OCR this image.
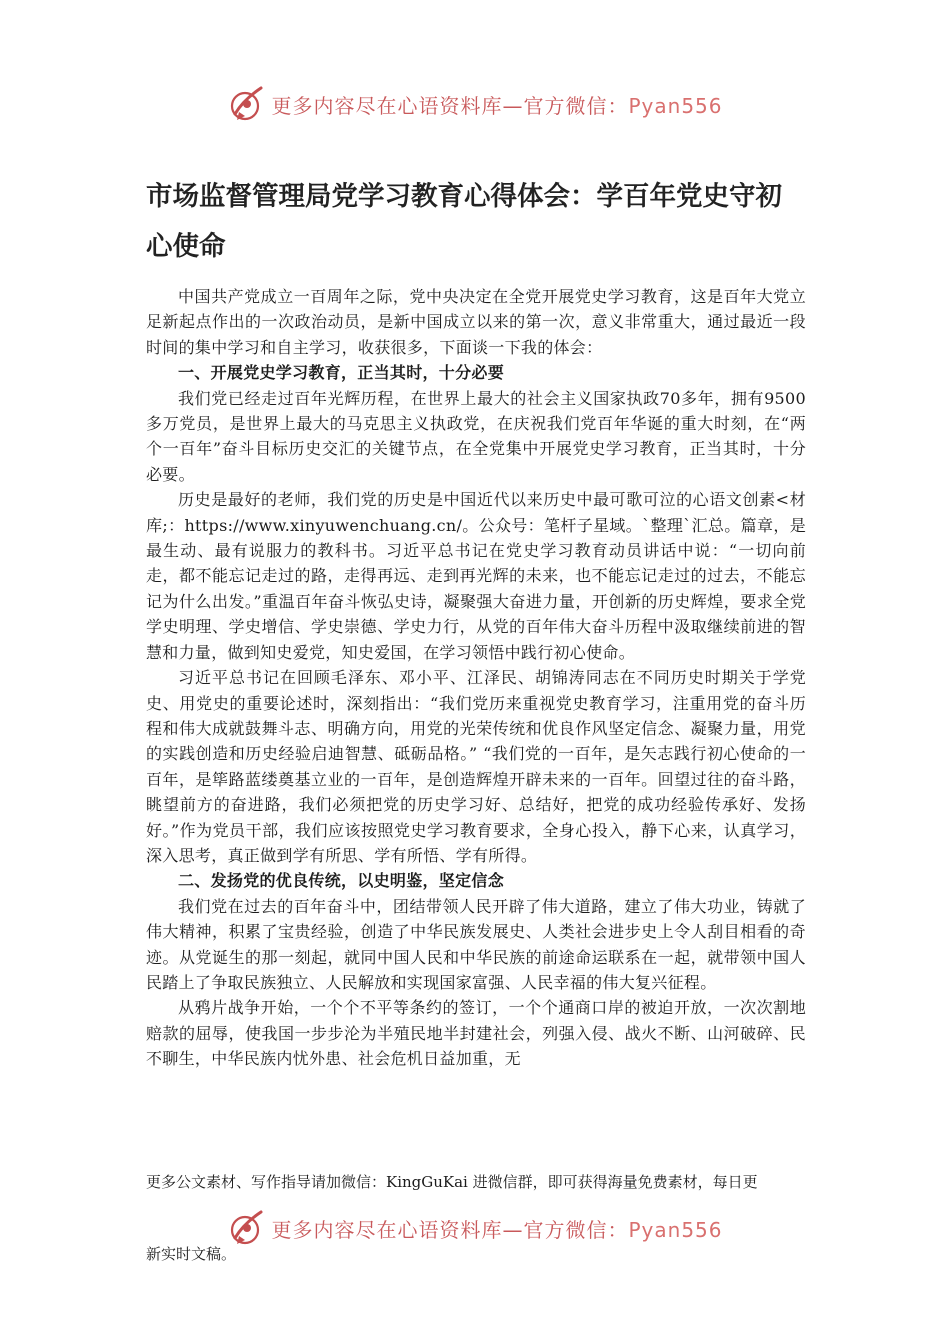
更多内容尽在心语资料库—官方微信：Pyan556
市场监督管理局党学习教育心得体会：学百年党史守初心使命

中国共产党成立一百周年之际，党中央决定在全党开展党史学习教育，这是百年大党立足新起点作出的一次政治动员，是新中国成立以来的第一次，意义非常重大，通过最近一段时间的集中学习和自主学习，收获很多，下面谈一下我的体会：

一、开展党史学习教育，正当其时，十分必要

我们党已经走过百年光辉历程，在世界上最大的社会主义国家执政70多年，拥有9500多万党员，是世界上最大的马克思主义执政党，在庆祝我们党百年华诞的重大时刻，在“两个一百年”奋斗目标历史交汇的关键节点，在全党集中开展党史学习教育，正当其时，十分必要。

历史是最好的老师，我们党的历史是中国近代以来历史中最可歌可泣的心语文创素<材库;：https://www.xinyuwenchuang.cn/。公众号：笔杆子星域。`整理`汇总。篇章，是最生动、最有说服力的教科书。习近平总书记在党史学习教育动员讲话中说：“一切向前走，都不能忘记走过的路，走得再远、走到再光辉的未来，也不能忘记走过的过去，不能忘记为什么出发。”重温百年奋斗恢弘史诗，凝聚强大奋进力量，开创新的历史辉煌，要求全党学史明理、学史增信、学史崇德、学史力行，从党的百年伟大奋斗历程中汲取继续前进的智慧和力量，做到知史爱党，知史爱国，在学习领悟中践行初心使命。

习近平总书记在回顾毛泽东、邓小平、江泽民、胡锦涛同志在不同历史时期关于学党史、用党史的重要论述时，深刻指出：“我们党历来重视党史教育学习，注重用党的奋斗历程和伟大成就鼓舞斗志、明确方向，用党的光荣传统和优良作风坚定信念、凝聚力量，用党的实践创造和历史经验启迪智慧、砥砺品格。” “我们党的一百年，是矢志践行初心使命的一百年，是筚路蓝缕奠基立业的一百年，是创造辉煌开辟未来的一百年。回望过往的奋斗路，眺望前方的奋进路，我们必须把党的历史学习好、总结好，把党的成功经验传承好、发扬好。”作为党员干部，我们应该按照党史学习教育要求，全身心投入，静下心来，认真学习，深入思考，真正做到学有所思、学有所悟、学有所得。

二、发扬党的优良传统，以史明鉴，坚定信念

我们党在过去的百年奋斗中，团结带领人民开辟了伟大道路，建立了伟大功业，铸就了伟大精神，积累了宝贵经验，创造了中华民族发展史、人类社会进步史上令人刮目相看的奇迹。从党诞生的那一刻起，就同中国人民和中华民族的前途命运联系在一起，就带领中国人民踏上了争取民族独立、人民解放和实现国家富强、人民幸福的伟大复兴征程。

从鸦片战争开始，一个个不平等条约的签订，一个个通商口岸的被迫开放，一次次割地赔款的屈辱，使我国一步步沦为半殖民地半封建社会，列强入侵、战火不断、山河破碎、民不聊生，中华民族内忧外患、社会危机日益加重，无

更多公文素材、写作指导请加微信：KingGuKai 进微信群，即可获得海量免费素材，每日更
更多内容尽在心语资料库—官方微信：Pyan556
新实时文稿。
